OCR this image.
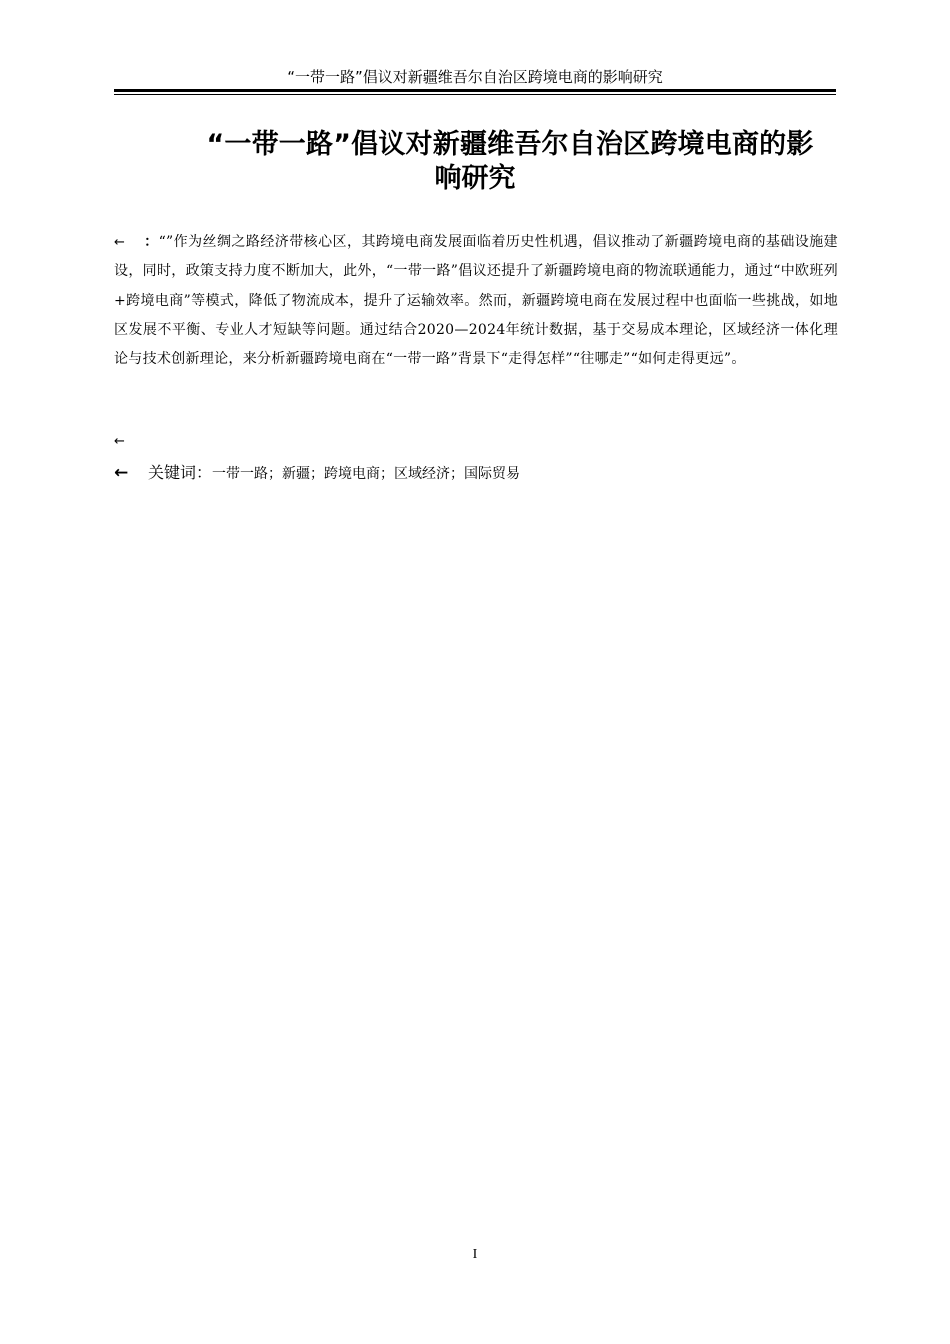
“一带一路”倡议对新疆维吾尔自治区跨境电商的影响研究
“一带一路”倡议对新疆维吾尔自治区跨境电商的影
响研究
← ：“”作为丝绸之路经济带核心区，其跨境电商发展面临着历史性机遇，倡议推动了新疆跨境电商的基础设施建设，同时，政策支持力度不断加大，此外，“一带一路”倡议还提升了新疆跨境电商的物流联通能力，通过“中欧班列+跨境电商”等模式，降低了物流成本，提升了运输效率。然而，新疆跨境电商在发展过程中也面临一些挑战，如地区发展不平衡、专业人才短缺等问题。通过结合2020—2024年统计数据，基于交易成本理论，区域经济一体化理论与技术创新理论，来分析新疆跨境电商在“一带一路”背景下“走得怎样”“往哪走”“如何走得更远”。
←
← 关键词：一带一路；新疆；跨境电商；区域经济；国际贸易
I
